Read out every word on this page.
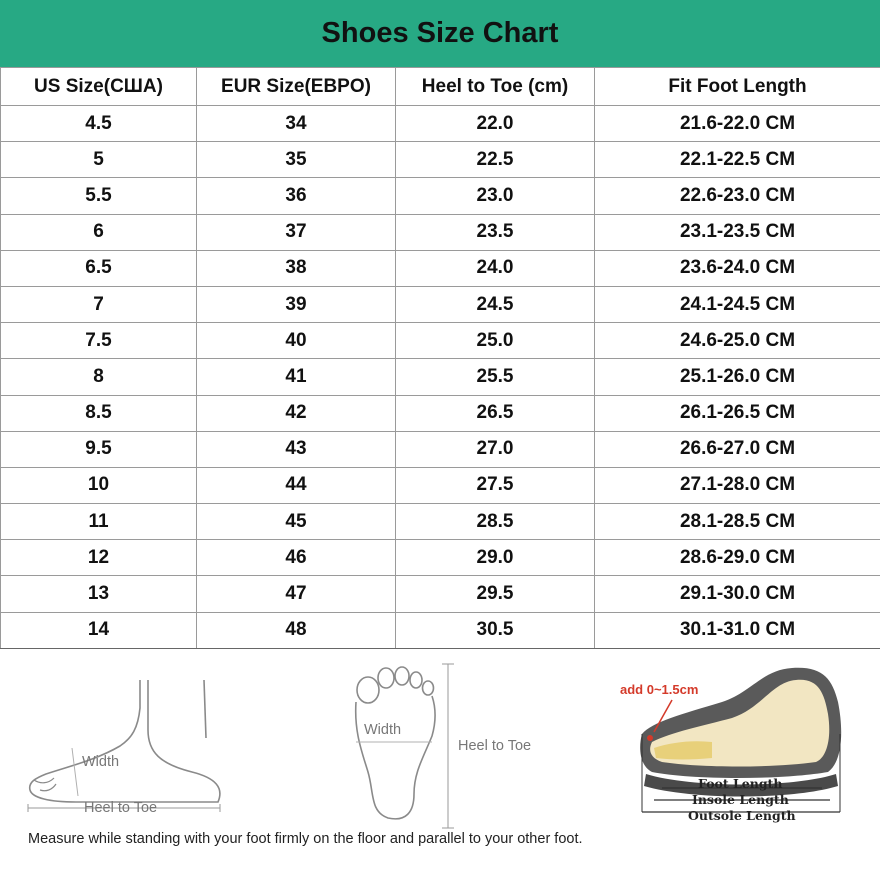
Shoes Size Chart
US Size(США)	EUR Size(EBPO)	Heel to Toe (cm)	Fit Foot Length
4.5	34	22.0	21.6-22.0 CM
5	35	22.5	22.1-22.5 CM
5.5	36	23.0	22.6-23.0 CM
6	37	23.5	23.1-23.5 CM
6.5	38	24.0	23.6-24.0 CM
7	39	24.5	24.1-24.5 CM
7.5	40	25.0	24.6-25.0 CM
8	41	25.5	25.1-26.0 CM
8.5	42	26.5	26.1-26.5 CM
9.5	43	27.0	26.6-27.0 CM
10	44	27.5	27.1-28.0 CM
11	45	28.5	28.1-28.5 CM
12	46	29.0	28.6-29.0 CM
13	47	29.5	29.1-30.0 CM
14	48	30.5	30.1-31.0 CM
Width
Heel to Toe
Width
Heel to Toe
add 0~1.5cm
Foot Length
Insole Length
Outsole Length
Measure while standing with your foot firmly on the floor and parallel to your other foot.
